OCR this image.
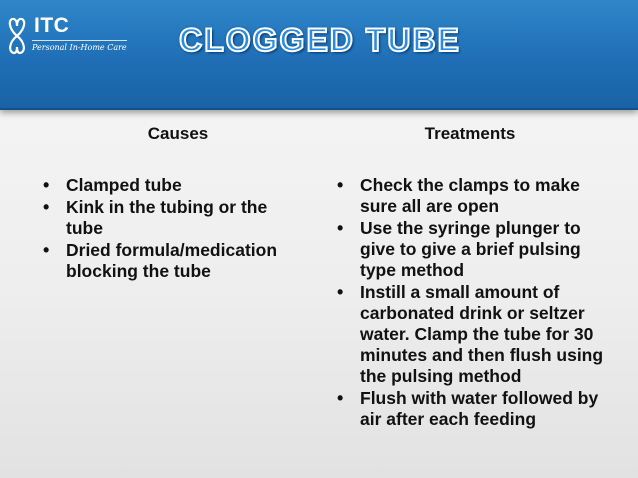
ITC
Personal In-Home Care CLOGGED TUBE
Causes	Treatments
• Clamped tube
• Kink in the tubing or the tube
• Dried formula/medication blocking the tube
• Check the clamps to make sure all are open
• Use the syringe plunger to give to give a brief pulsing type method
• Instill a small amount of carbonated drink or seltzer water. Clamp the tube for 30 minutes and then flush using the pulsing method
• Flush with water followed by air after each feeding
